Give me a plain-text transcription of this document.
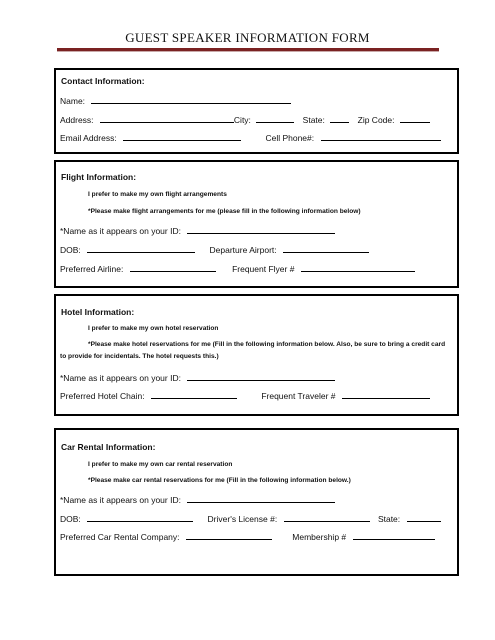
GUEST SPEAKER INFORMATION FORM
Contact Information:
Name:
Address:	City:	State:	Zip Code:
Email Address:	Cell Phone#:
Flight Information:
I prefer to make my own flight arrangements
*Please make flight arrangements for me (please fill in the following information below)
*Name as it appears on your ID:
DOB:	Departure Airport:
Preferred Airline:	Frequent Flyer #
Hotel Information:
I prefer to make my own hotel reservation
*Please make hotel reservations for me (Fill in the following information below. Also, be sure to bring a credit card to provide for incidentals. The hotel requests this.)
*Name as it appears on your ID:
Preferred Hotel Chain:	Frequent Traveler #
Car Rental Information:
I prefer to make my own car rental reservation
*Please make car rental reservations for me (Fill in the following information below.)
*Name as it appears on your ID:
DOB:	Driver's License #:	State:
Preferred Car Rental Company:	Membership #
